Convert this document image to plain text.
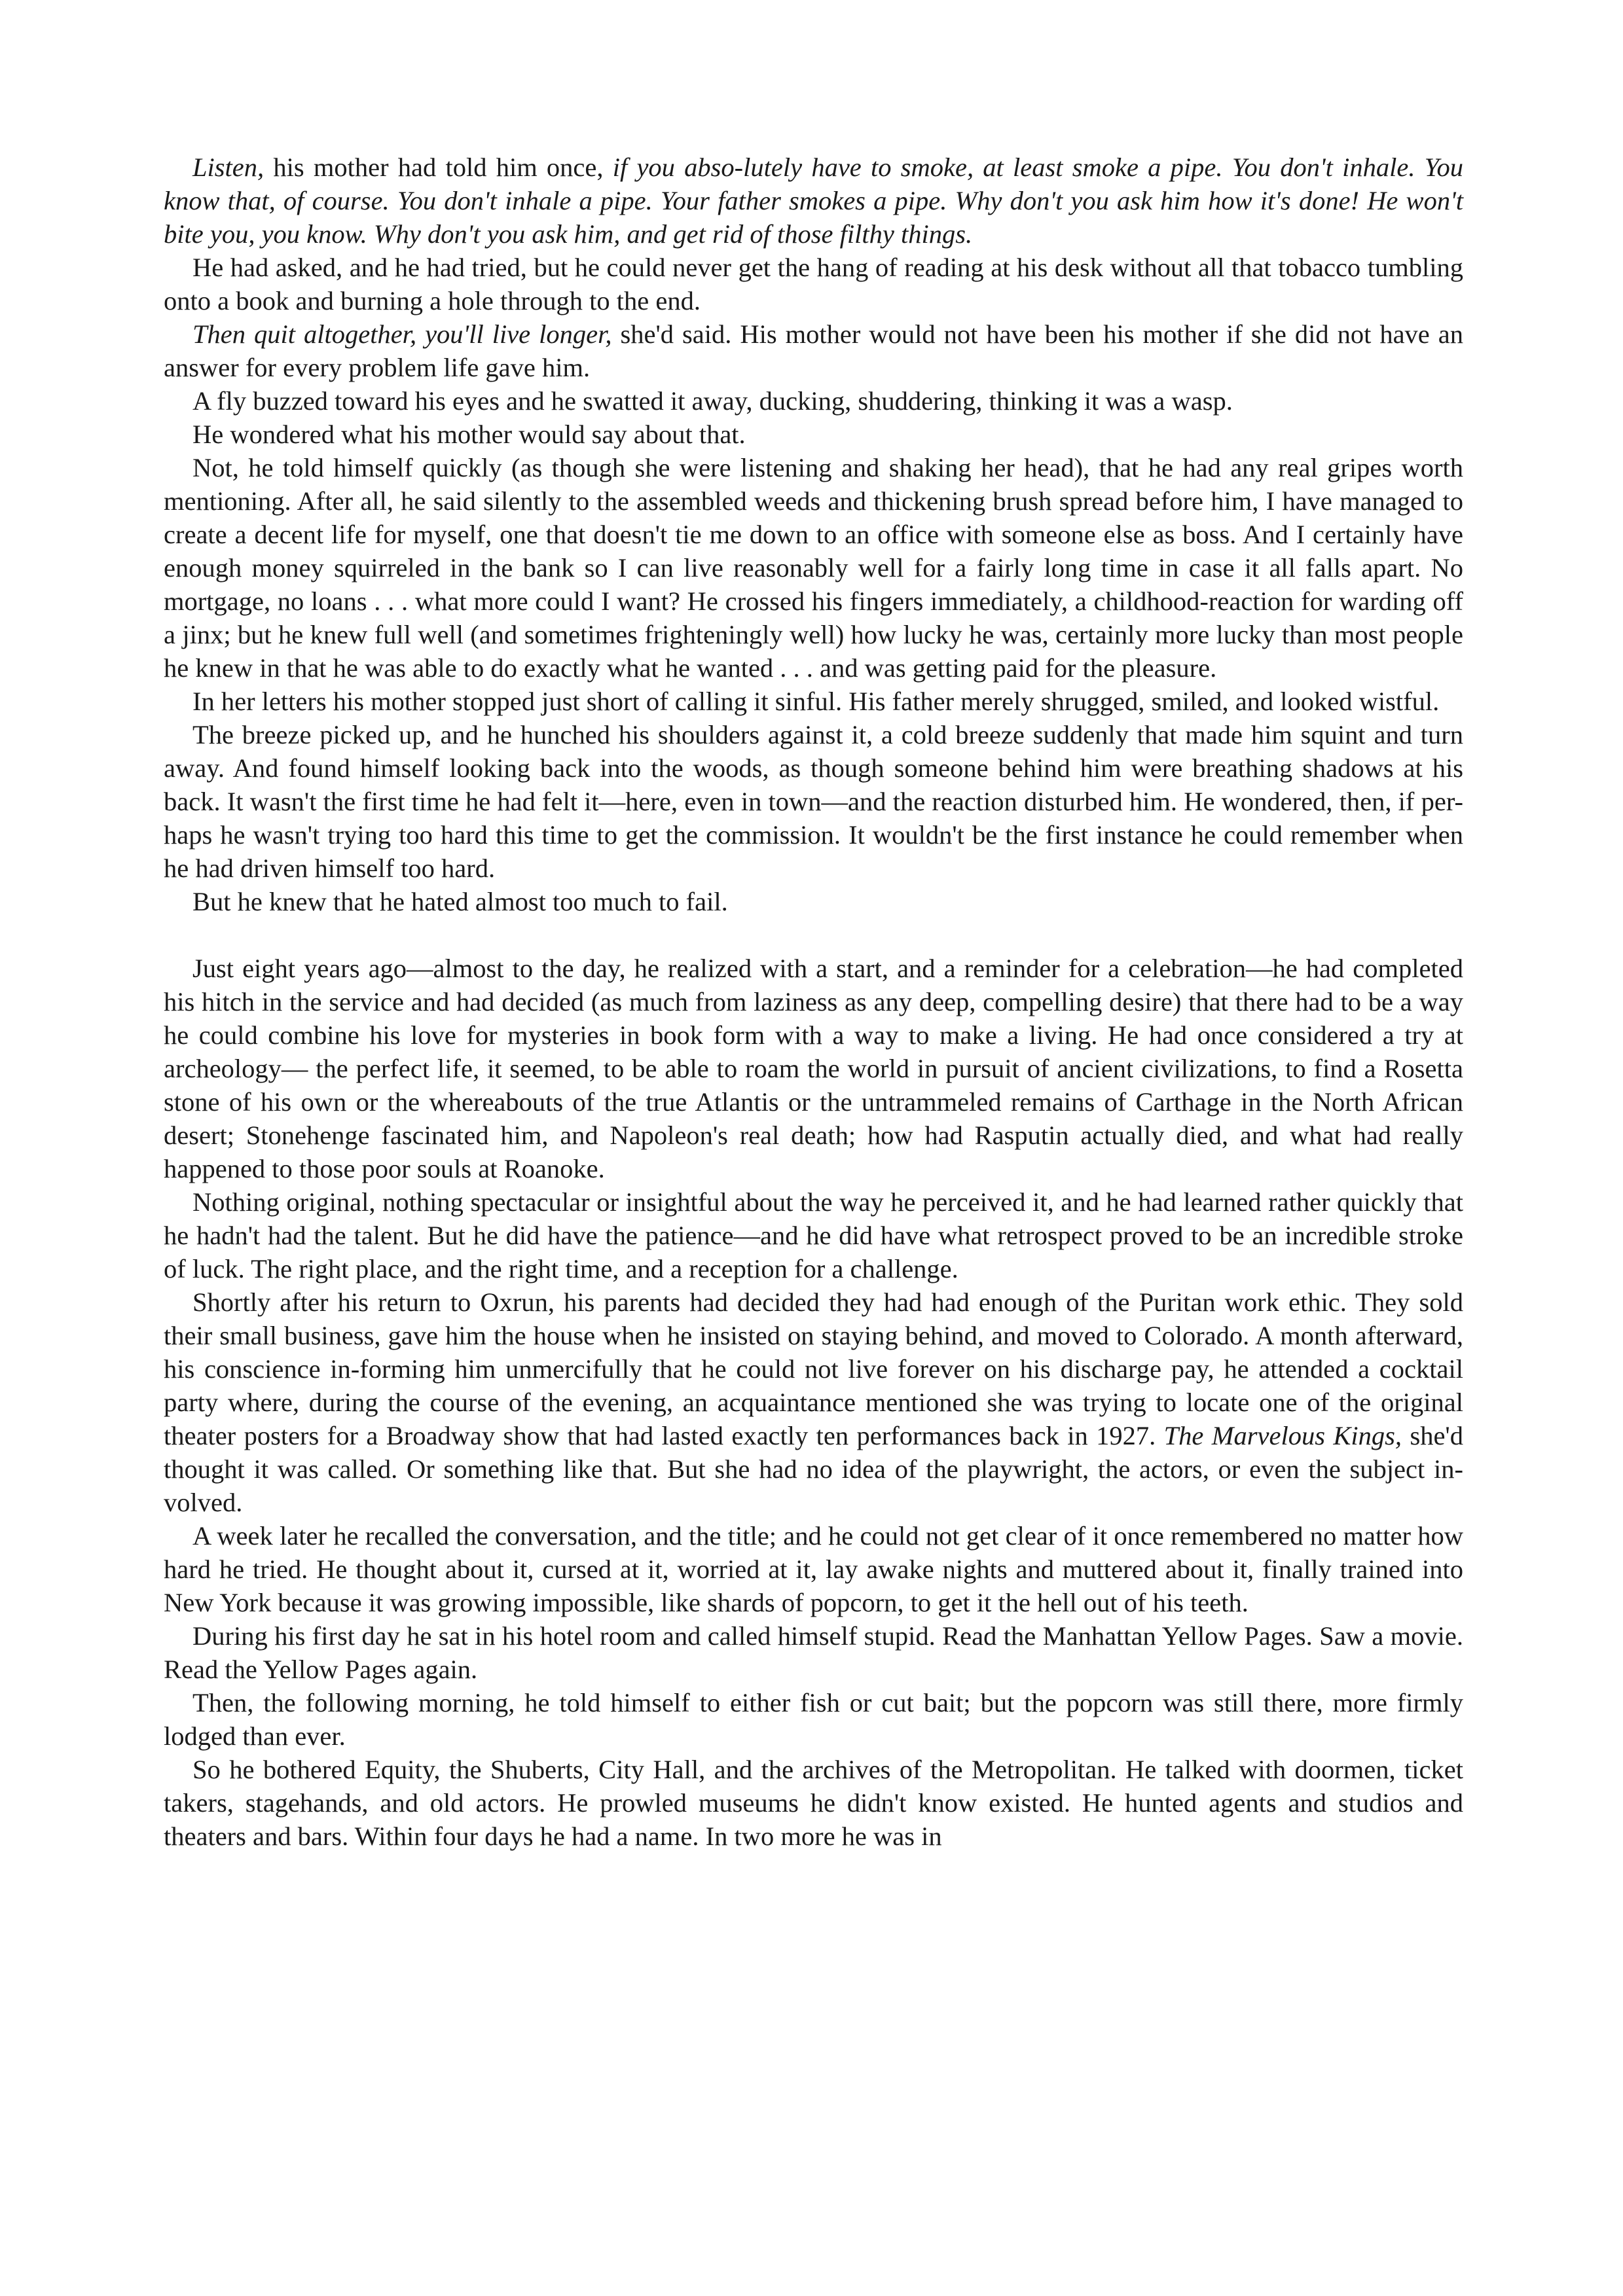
Listen, his mother had told him once, if you abso-lutely have to smoke, at least smoke a pipe. You don't inhale. You know that, of course. You don't inhale a pipe. Your father smokes a pipe. Why don't you ask him how it's done! He won't bite you, you know. Why don't you ask him, and get rid of those filthy things.

He had asked, and he had tried, but he could never get the hang of reading at his desk without all that tobacco tumbling onto a book and burning a hole through to the end.

Then quit altogether, you'll live longer, she'd said. His mother would not have been his mother if she did not have an answer for every problem life gave him.

A fly buzzed toward his eyes and he swatted it away, ducking, shuddering, thinking it was a wasp.

He wondered what his mother would say about that.

Not, he told himself quickly (as though she were listening and shaking her head), that he had any real gripes worth mentioning. After all, he said silently to the assembled weeds and thickening brush spread before him, I have managed to create a decent life for myself, one that doesn't tie me down to an office with someone else as boss. And I certainly have enough money squirreled in the bank so I can live reasonably well for a fairly long time in case it all falls apart. No mortgage, no loans . . . what more could I want? He crossed his fingers immediately, a childhood-reaction for warding off a jinx; but he knew full well (and sometimes frighteningly well) how lucky he was, certainly more lucky than most people he knew in that he was able to do exactly what he wanted . . . and was getting paid for the pleasure.

In her letters his mother stopped just short of calling it sinful. His father merely shrugged, smiled, and looked wistful.

The breeze picked up, and he hunched his shoulders against it, a cold breeze suddenly that made him squint and turn away. And found himself looking back into the woods, as though someone behind him were breathing shadows at his back. It wasn't the first time he had felt it—here, even in town—and the reaction disturbed him. He wondered, then, if per-haps he wasn't trying too hard this time to get the commission. It wouldn't be the first instance he could remember when he had driven himself too hard.

But he knew that he hated almost too much to fail.

Just eight years ago—almost to the day, he realized with a start, and a reminder for a celebration—he had completed his hitch in the service and had decided (as much from laziness as any deep, compelling desire) that there had to be a way he could combine his love for mysteries in book form with a way to make a living. He had once considered a try at archeology— the perfect life, it seemed, to be able to roam the world in pursuit of ancient civilizations, to find a Rosetta stone of his own or the whereabouts of the true Atlantis or the untrammeled remains of Carthage in the North African desert; Stonehenge fascinated him, and Napoleon's real death; how had Rasputin actually died, and what had really happened to those poor souls at Roanoke.

Nothing original, nothing spectacular or insightful about the way he perceived it, and he had learned rather quickly that he hadn't had the talent. But he did have the patience—and he did have what retrospect proved to be an incredible stroke of luck. The right place, and the right time, and a reception for a challenge.

Shortly after his return to Oxrun, his parents had decided they had had enough of the Puritan work ethic. They sold their small business, gave him the house when he insisted on staying behind, and moved to Colorado. A month afterward, his conscience in-forming him unmercifully that he could not live forever on his discharge pay, he attended a cocktail party where, during the course of the evening, an acquaintance mentioned she was trying to locate one of the original theater posters for a Broadway show that had lasted exactly ten performances back in 1927. The Marvelous Kings, she'd thought it was called. Or something like that. But she had no idea of the playwright, the actors, or even the subject in-volved.

A week later he recalled the conversation, and the title; and he could not get clear of it once remembered no matter how hard he tried. He thought about it, cursed at it, worried at it, lay awake nights and muttered about it, finally trained into New York because it was growing impossible, like shards of popcorn, to get it the hell out of his teeth.

During his first day he sat in his hotel room and called himself stupid. Read the Manhattan Yellow Pages. Saw a movie. Read the Yellow Pages again.

Then, the following morning, he told himself to either fish or cut bait; but the popcorn was still there, more firmly lodged than ever.

So he bothered Equity, the Shuberts, City Hall, and the archives of the Metropolitan. He talked with doormen, ticket takers, stagehands, and old actors. He prowled museums he didn't know existed. He hunted agents and studios and theaters and bars. Within four days he had a name. In two more he was in
